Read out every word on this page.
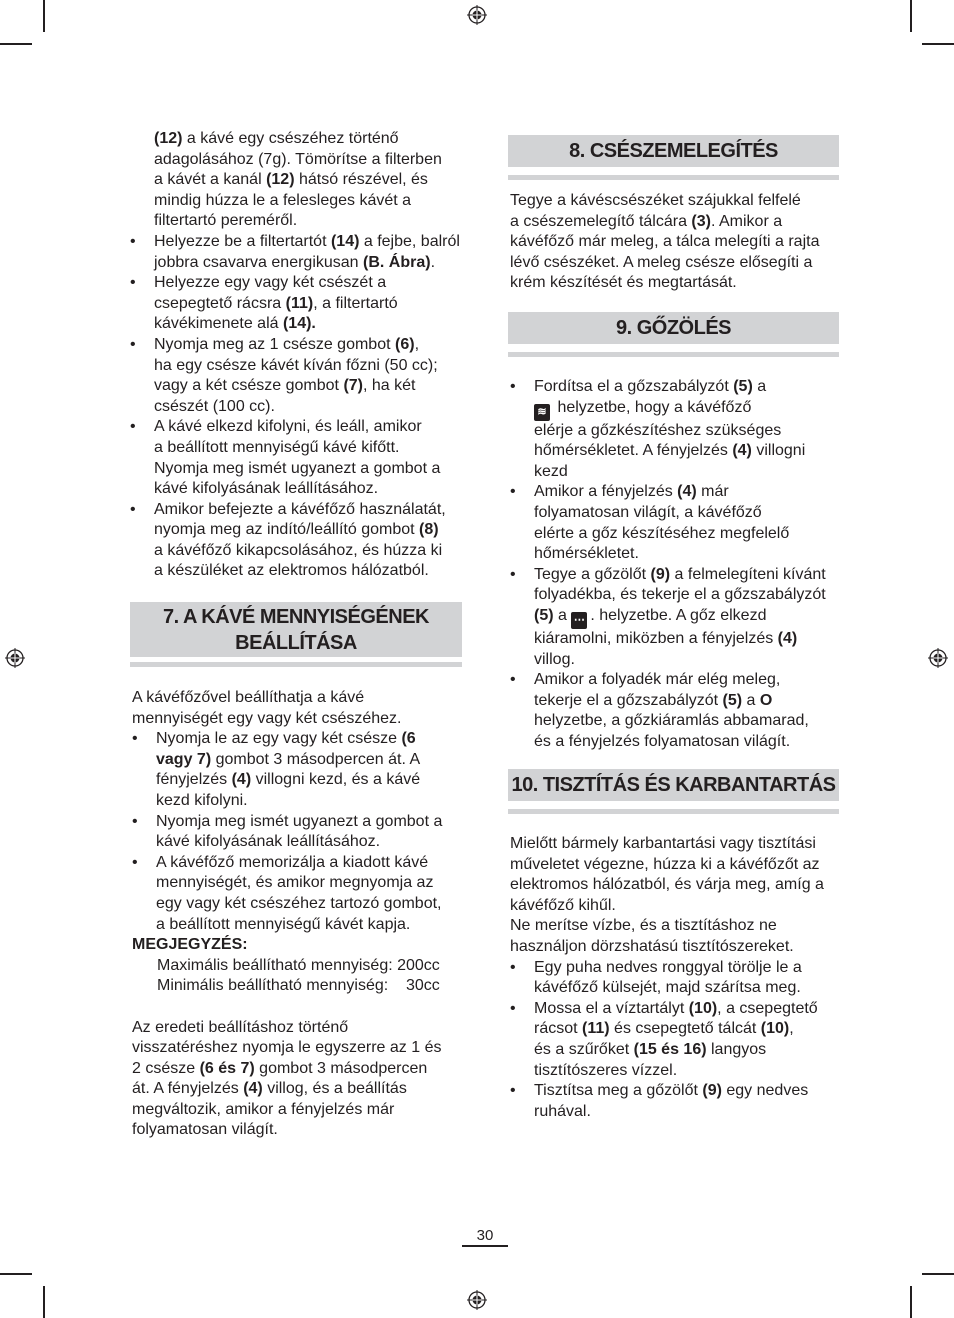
(12) a kávé egy csészéhez történő
adagolásához (7g). Tömörítse a filterben
a kávét a kanál (12) hátsó részével, és
mindig húzza le a felesleges kávét a
filtertartó pereméről.
• Helyezze be a filtertartót (14) a fejbe, balról
jobbra csavarva energikusan (B. Ábra).
• Helyezze egy vagy két csészét a
csepegtető rácsra (11), a filtertartó
kávékimenete alá (14).
• Nyomja meg az 1 csésze gombot (6),
ha egy csésze kávét kíván főzni (50 cc);
vagy a két csésze gombot (7), ha két
csészét (100 cc).
• A kávé elkezd kifolyni, és leáll, amikor
a beállított mennyiségű kávé kifőtt.
Nyomja meg ismét ugyanezt a gombot a
kávé kifolyásának leállításához.
• Amikor befejezte a kávéfőző használatát,
nyomja meg az indító/leállító gombot (8)
a kávéfőző kikapcsolásához, és húzza ki
a készüléket az elektromos hálózatból.
7. A KÁVÉ MENNYISÉGÉNEK
BEÁLLÍTÁSA
A kávéfőzővel beállíthatja a kávé
mennyiségét egy vagy két csészéhez.
• Nyomja le az egy vagy két csésze (6
vagy 7) gombot 3 másodpercen át. A
fényjelzés (4) villogni kezd, és a kávé
kezd kifolyni.
• Nyomja meg ismét ugyanezt a gombot a
kávé kifolyásának leállításához.
• A kávéfőző memorizálja a kiadott kávé
mennyiségét, és amikor megnyomja az
egy vagy két csészéhez tartozó gombot,
a beállított mennyiségű kávét kapja.

MEGJEGYZÉS:

Maximális beállítható mennyiség: 200cc

Minimális beállítható mennyiség:    30cc

Az eredeti beállításhoz történő
visszatéréshez nyomja le egyszerre az 1 és
2 csésze (6 és 7) gombot 3 másodpercen
át. A fényjelzés (4) villog, és a beállítás
megváltozik, amikor a fényjelzés már
folyamatosan világít.
8. CSÉSZEMELEGÍTÉS
Tegye a kávéscsészéket szájukkal felfelé
a csészemelegítő tálcára (3). Amikor a
kávéfőző már meleg, a tálca melegíti a rajta
lévő csészéket. A meleg csésze elősegíti a
krém készítését és megtartását.
9. GŐZÖLÉS
• Fordítsa el a gőzszabályzót (5) a
≋ helyzetbe, hogy a kávéfőző
elérje a gőzkészítéshez szükséges
hőmérsékletet. A fényjelzés (4) villogni
kezd
• Amikor a fényjelzés (4) már
folyamatosan világít, a kávéfőző
elérte a gőz készítéséhez megfelelő
hőmérsékletet.
• Tegye a gőzölőt (9) a felmelegíteni kívánt
folyadékba, és tekerje el a gőzszabályzót
(5) a ⋯ . helyzetbe. A gőz elkezd
kiáramolni, miközben a fényjelzés (4)
villog.
• Amikor a folyadék már elég meleg,
tekerje el a gőzszabályzót (5) a O
helyzetbe, a gőzkiáramlás abbamarad,
és a fényjelzés folyamatosan világít.
10. TISZTÍTÁS ÉS KARBANTARTÁS
Mielőtt bármely karbantartási vagy tisztítási
műveletet végezne, húzza ki a kávéfőzőt az
elektromos hálózatból, és várja meg, amíg a
kávéfőző kihűl.
Ne merítse vízbe, és a tisztításhoz ne
használjon dörzshatású tisztítószereket.
• Egy puha nedves ronggyal törölje le a
kávéfőző külsejét, majd szárítsa meg.
• Mossa el a víztartályt (10), a csepegtető
rácsot (11) és csepegtető tálcát (10),
és a szűrőket (15 és 16) langyos
tisztítószeres vízzel.
• Tisztítsa meg a gőzölőt (9) egy nedves
ruhával.
30
